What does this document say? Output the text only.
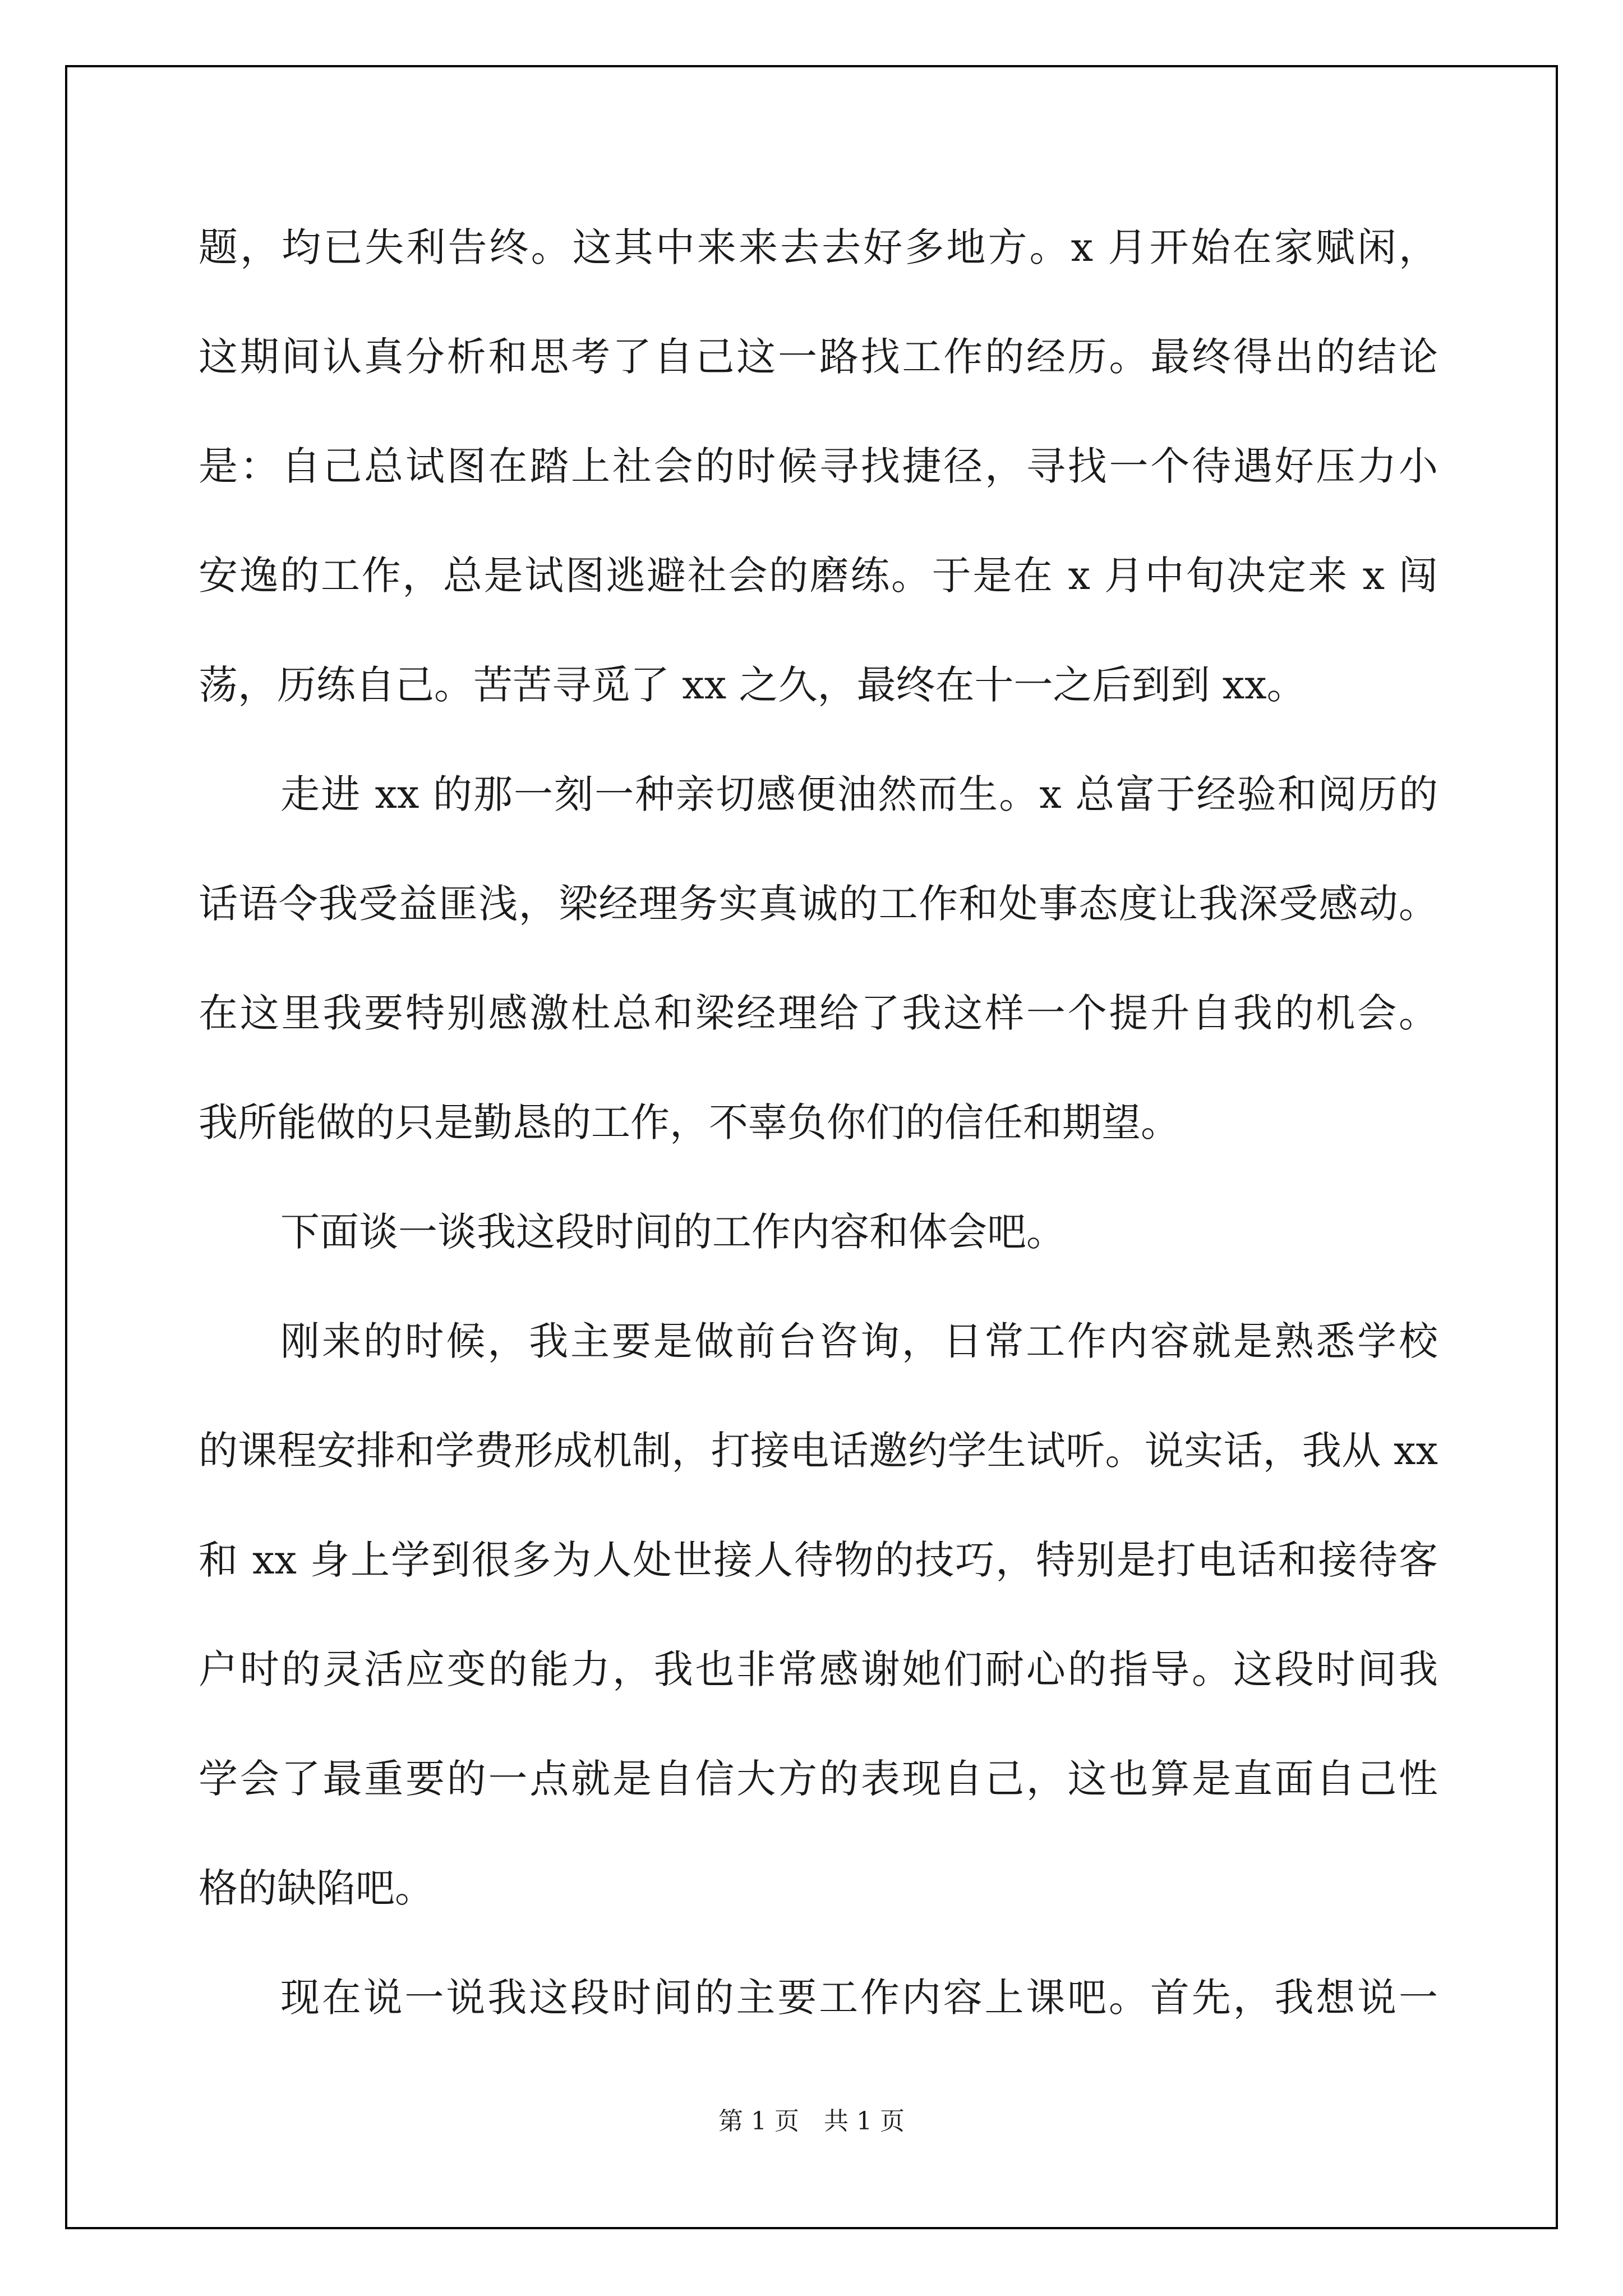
题，均已失利告终。这其中来来去去好多地方。x 月开始在家赋闲，
这期间认真分析和思考了自己这一路找工作的经历。最终得出的结论
是：自己总试图在踏上社会的时候寻找捷径，寻找一个待遇好压力小
安逸的工作，总是试图逃避社会的磨练。于是在 x 月中旬决定来 x 闯
荡，历练自己。苦苦寻觅了 xx 之久，最终在十一之后到到 xx。
走进 xx 的那一刻一种亲切感便油然而生。x 总富于经验和阅历的
话语令我受益匪浅，梁经理务实真诚的工作和处事态度让我深受感动。
在这里我要特别感激杜总和梁经理给了我这样一个提升自我的机会。
我所能做的只是勤恳的工作，不辜负你们的信任和期望。
下面谈一谈我这段时间的工作内容和体会吧。
刚来的时候，我主要是做前台咨询，日常工作内容就是熟悉学校
的课程安排和学费形成机制，打接电话邀约学生试听。说实话，我从 xx
和 xx 身上学到很多为人处世接人待物的技巧，特别是打电话和接待客
户时的灵活应变的能力，我也非常感谢她们耐心的指导。这段时间我
学会了最重要的一点就是自信大方的表现自己，这也算是直面自己性
格的缺陷吧。
现在说一说我这段时间的主要工作内容上课吧。首先，我想说一
第 1 页　共 1 页
